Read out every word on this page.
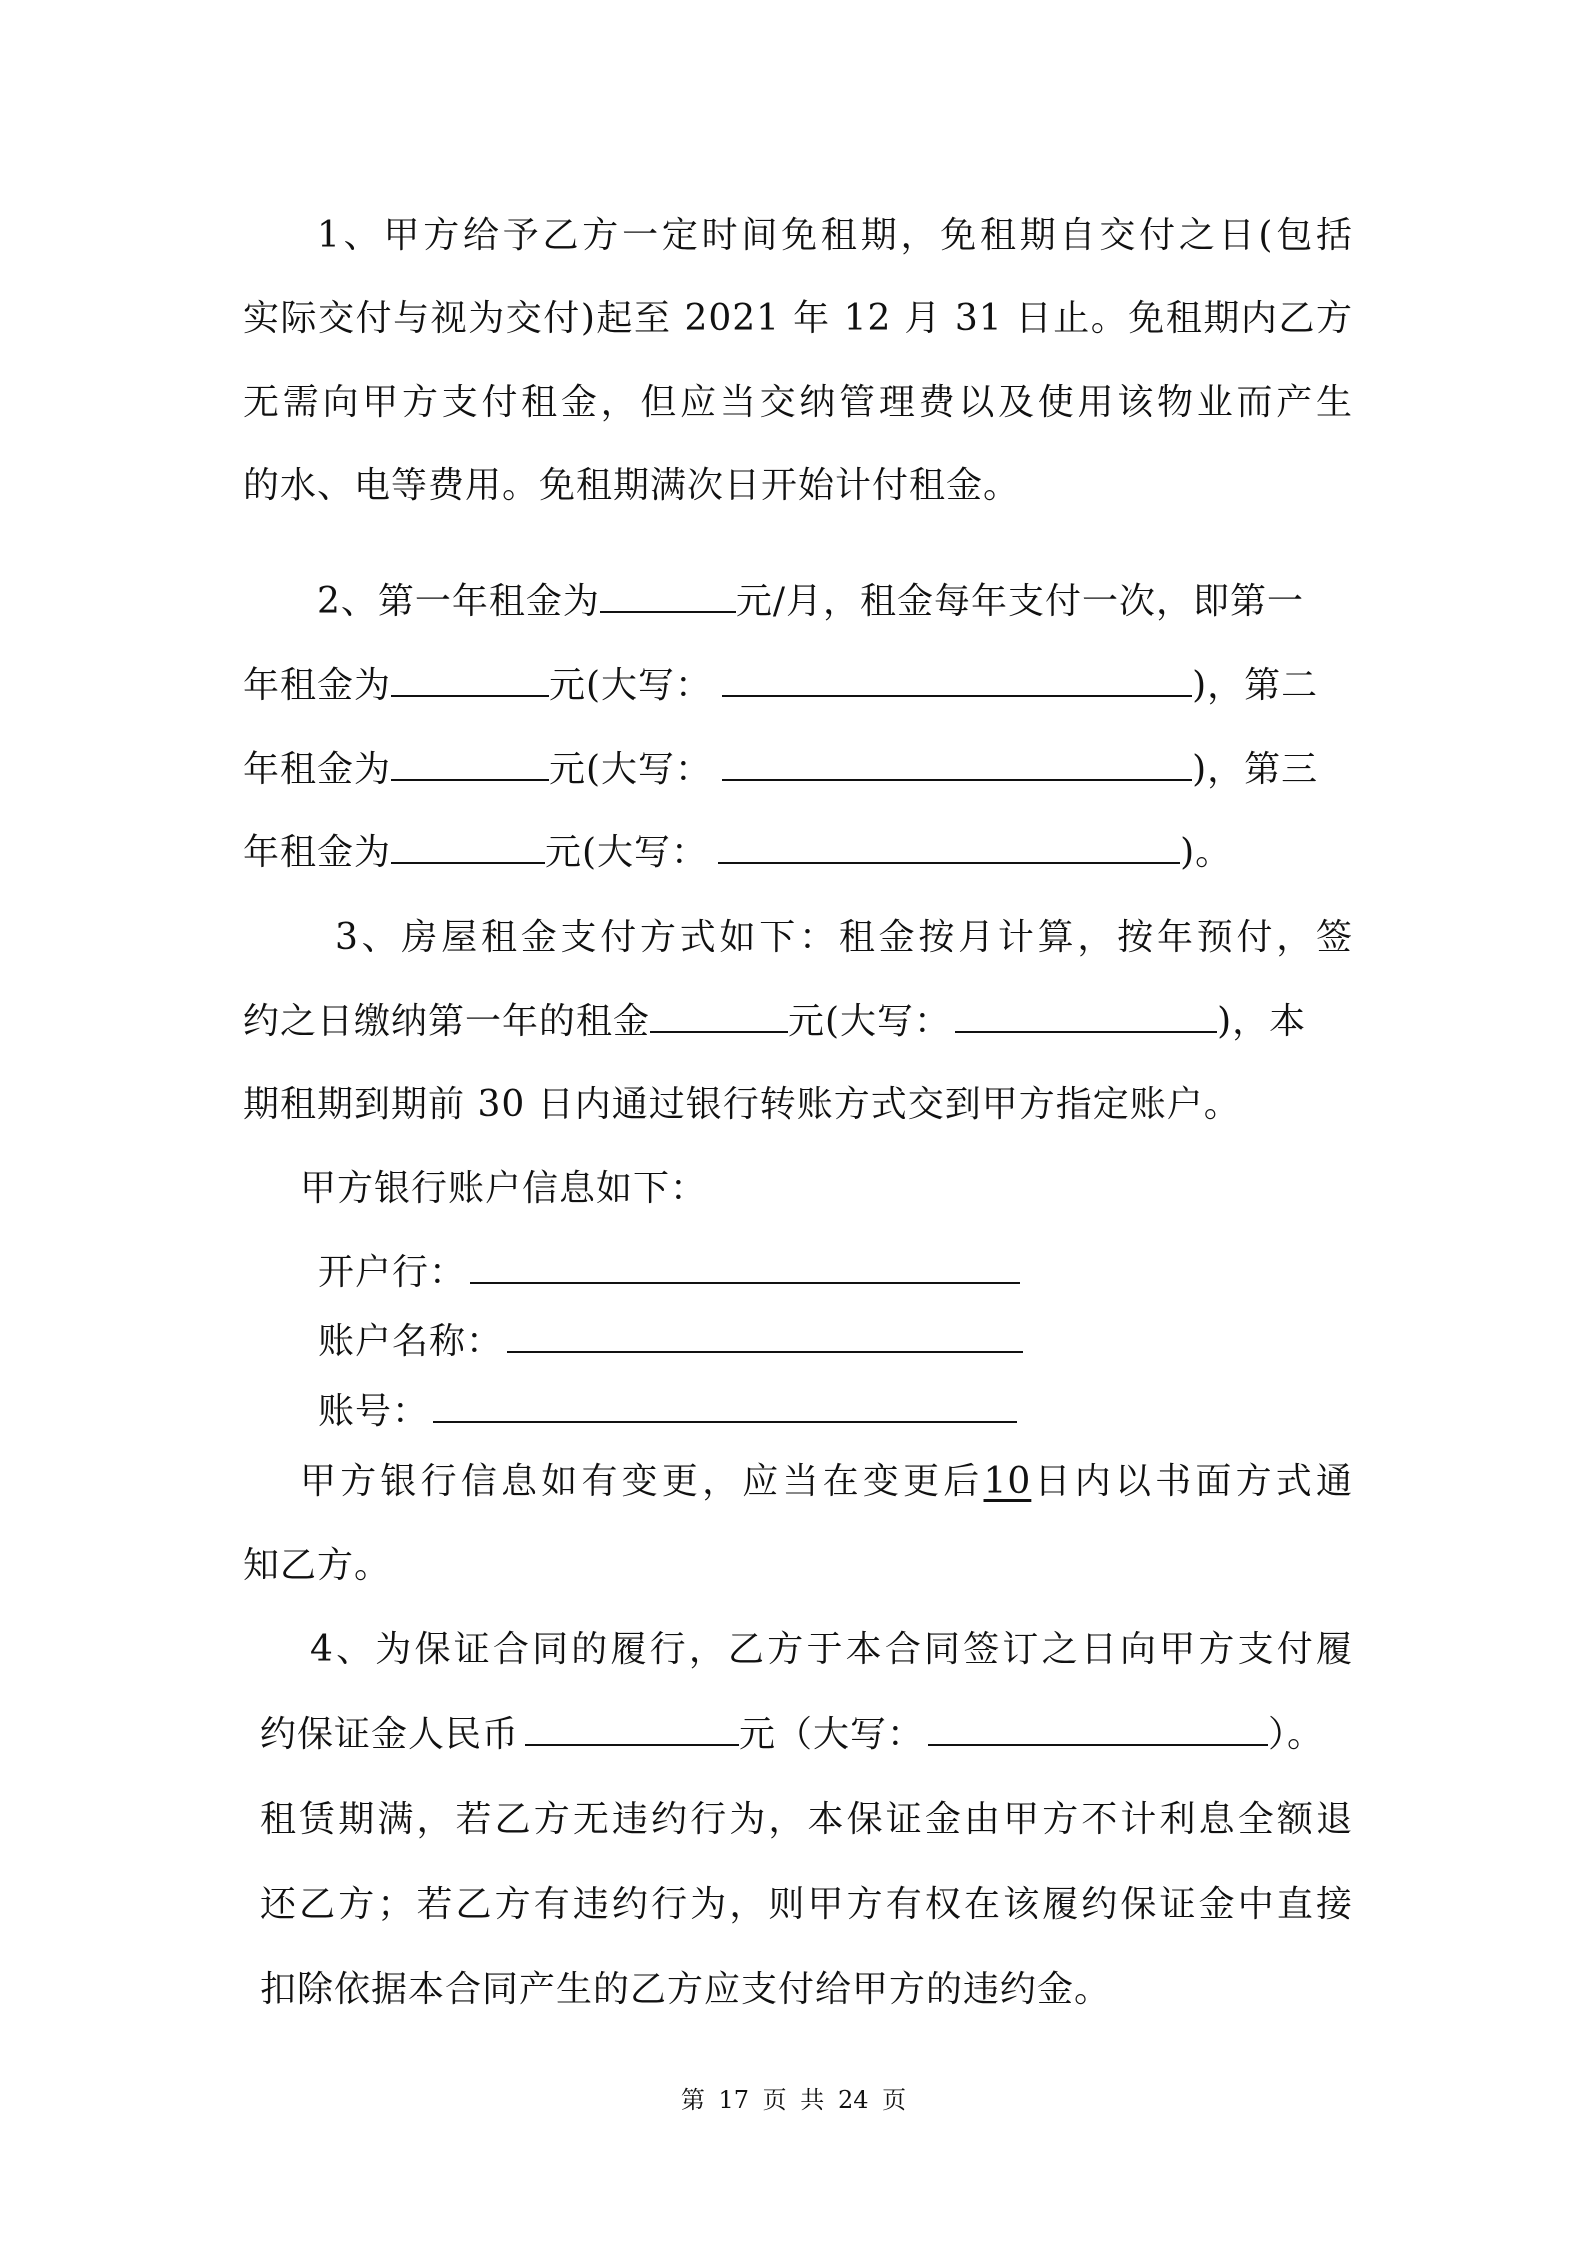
1、甲方给予乙方一定时间免租期，免租期自交付之日(包括
实际交付与视为交付)起至 2021 年 12 月 31 日止。免租期内乙方
无需向甲方支付租金，但应当交纳管理费以及使用该物业而产生
的水、电等费用。免租期满次日开始计付租金。
2、第一年租金为	元/月，租金每年支付一次，即第一
年租金为	元(大写：	)，第二
年租金为	元(大写：	)，第三
年租金为	元(大写：	)。
3、房屋租金支付方式如下：租金按月计算，按年预付，签
约之日缴纳第一年的租金	元(大写：	)，本
期租期到期前 30 日内通过银行转账方式交到甲方指定账户。
甲方银行账户信息如下：
开户行：
账户名称：
账号：
甲方银行信息如有变更，应当在变更后10日内以书面方式通
知乙方。
4、为保证合同的履行，乙方于本合同签订之日向甲方支付履
约保证金人民币	元（大写：	）。
租赁期满，若乙方无违约行为，本保证金由甲方不计利息全额退
还乙方；若乙方有违约行为，则甲方有权在该履约保证金中直接
扣除依据本合同产生的乙方应支付给甲方的违约金。
第 17 页 共 24 页
